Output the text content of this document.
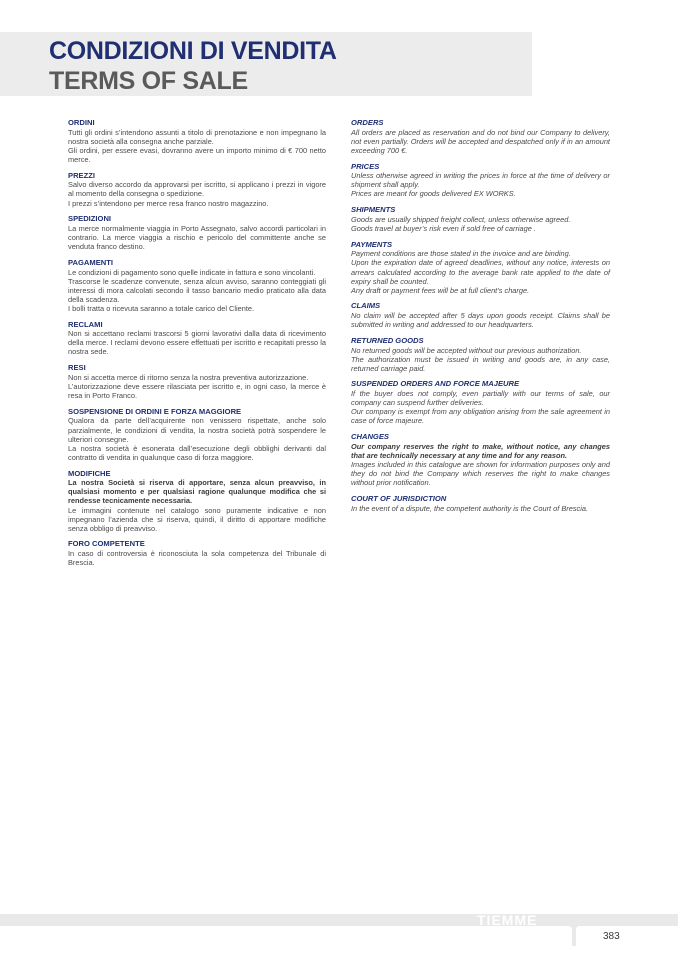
CONDIZIONI DI VENDITA
TERMS OF SALE
ORDINI

Tutti gli ordini s’intendono assunti a titolo di prenotazione e non impegnano la nostra società alla consegna anche parziale.

Gli ordini, per essere evasi, dovranno avere un importo minimo di € 700 netto merce.

PREZZI

Salvo diverso accordo da approvarsi per iscritto, si applicano i prezzi in vigore al momento della consegna o spedizione.

I prezzi s’intendono per merce resa franco nostro magazzino.

SPEDIZIONI

La merce normalmente viaggia in Porto Assegnato, salvo accordi particolari in contrario. La merce viaggia a rischio e pericolo del committente anche se venduta franco destino.

PAGAMENTI

Le condizioni di pagamento sono quelle indicate in fattura e sono vincolanti.

Trascorse le scadenze convenute, senza alcun avviso, saranno conteggiati gli interessi di mora calcolati secondo il tasso bancario medio praticato alla data della scadenza.

I bolli tratta o ricevuta saranno a totale carico del Cliente.

RECLAMI

Non si accettano reclami trascorsi 5 giorni lavorativi dalla data di ricevimento della merce. I reclami devono essere effettuati per iscritto e recapitati presso la nostra sede.

RESI

Non si accetta merce di ritorno senza la nostra preventiva autorizzazione.

L’autorizzazione deve essere rilasciata per iscritto e, in ogni caso, la merce è resa in Porto Franco.

SOSPENSIONE DI ORDINI E FORZA MAGGIORE

Qualora da parte dell’acquirente non venissero rispettate, anche solo parzialmente, le condizioni di vendita, la nostra società potrà sospendere le ulteriori consegne.

La nostra società è esonerata dall’esecuzione degli obblighi derivanti dal contratto di vendita in qualunque caso di forza maggiore.

MODIFICHE

La nostra Società si riserva di apportare, senza alcun preavviso, in qualsiasi momento e per qualsiasi ragione qualunque modifica che si rendesse tecnicamente necessaria.

Le immagini contenute nel catalogo sono puramente indicative e non impegnano l’azienda che si riserva, quindi, il diritto di apportare modifiche senza obbligo di preavviso.

FORO COMPETENTE

In caso di controversia è riconosciuta la sola competenza del Tribunale di Brescia.

ORDERS

All orders are placed as reservation and do not bind our Company to delivery, not even partially. Orders will be accepted and despatched only if in an amount exceeding 700 €.

PRICES

Unless otherwise agreed in writing the prices in force at the time of delivery or shipment shall apply.

Prices are meant for goods delivered EX WORKS.

SHIPMENTS

Goods are usually shipped freight collect, unless otherwise agreed.

Goods travel at buyer’s risk even if sold free of carriage .

PAYMENTS

Payment conditions are those stated in the invoice and are binding.

Upon the expiration date of agreed deadlines, without any notice, interests on arrears calculated according to the average bank rate applied to the date of expiry shall be counted.

Any draft or payment fees will be at full client’s charge.

CLAIMS

No claim will be accepted after 5 days upon goods receipt. Claims shall be submitted in writing and addressed to our headquarters.

RETURNED GOODS

No returned goods will be accepted without our previous authorization.

The authorization must be issued in writing and goods are, in any case, returned carriage paid.

SUSPENDED ORDERS AND FORCE MAJEURE

If the buyer does not comply, even partially with our terms of sale, our company can suspend further deliveries.

Our company is exempt from any obligation arising from the sale agreement in case of force majeure.

CHANGES

Our company reserves the right to make, without notice, any changes that are technically necessary at any time and for any reason.

Images included in this catalogue are shown for information purposes only and they do not bind the Company which reserves the right to make changes without prior notification.

COURT OF JURISDICTION

In the event of a dispute, the competent authority is the Court of Brescia.

TIEMME
383
